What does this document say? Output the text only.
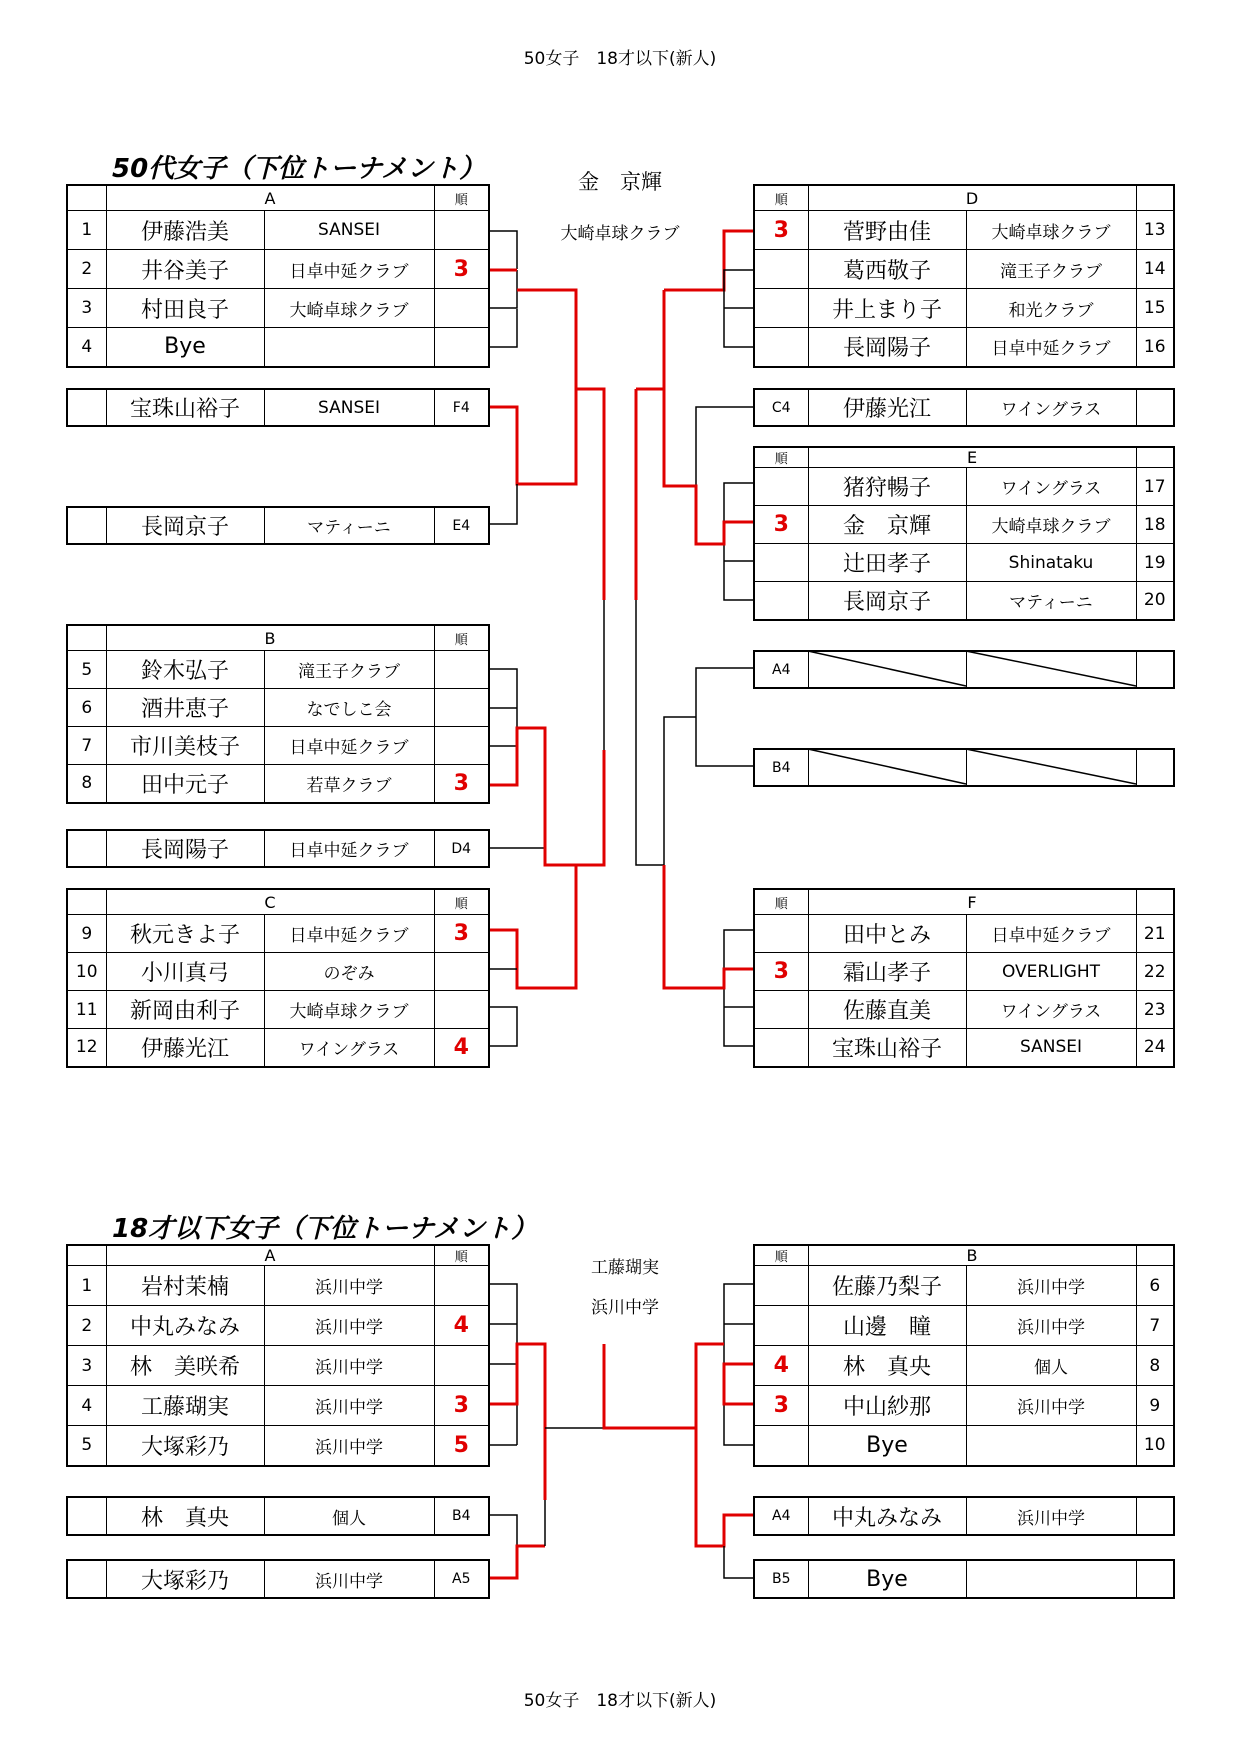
50女子　18才以下(新人)
50代女子（下位トーナメント）	金　京輝
大崎卓球クラブ
	A		順
1	伊藤浩美	SANSEI	
2	井谷美子	日卓中延クラブ	3
3	村田良子	大崎卓球クラブ	
4	Bye		
	宝珠山裕子	SANSEI	F4
	長岡京子	マティーニ	E4
	B		順
5	鈴木弘子	滝王子クラブ	
6	酒井恵子	なでしこ会	
7	市川美枝子	日卓中延クラブ	
8	田中元子	若草クラブ	3
	長岡陽子	日卓中延クラブ	D4
	C		順
9	秋元きよ子	日卓中延クラブ	3
10	小川真弓	のぞみ	
11	新岡由利子	大崎卓球クラブ	
12	伊藤光江	ワイングラス	4
順	D		
3	菅野由佳	大崎卓球クラブ	13
	葛西敬子	滝王子クラブ	14
	井上まり子	和光クラブ	15
	長岡陽子	日卓中延クラブ	16
C4	伊藤光江	ワイングラス	
順	E		
	猪狩暢子	ワイングラス	17
3	金　京輝	大崎卓球クラブ	18
	辻田孝子	Shinataku	19
	長岡京子	マティーニ	20
A4			
B4			
順	F		
	田中とみ	日卓中延クラブ	21
3	霜山孝子	OVERLIGHT	22
	佐藤直美	ワイングラス	23
	宝珠山裕子	SANSEI	24
18才以下女子（下位トーナメント）
工藤瑚実
浜川中学
	A		順
1	岩村茉楠	浜川中学	
2	中丸みなみ	浜川中学	4
3	林　美咲希	浜川中学	
4	工藤瑚実	浜川中学	3
5	大塚彩乃	浜川中学	5
	林　真央	個人	B4
	大塚彩乃	浜川中学	A5
順	B		
	佐藤乃梨子	浜川中学	6
	山邊　瞳	浜川中学	7
4	林　真央	個人	8
3	中山紗那	浜川中学	9
	Bye		10
A4	中丸みなみ	浜川中学	
B5	Bye		
50女子　18才以下(新人)
